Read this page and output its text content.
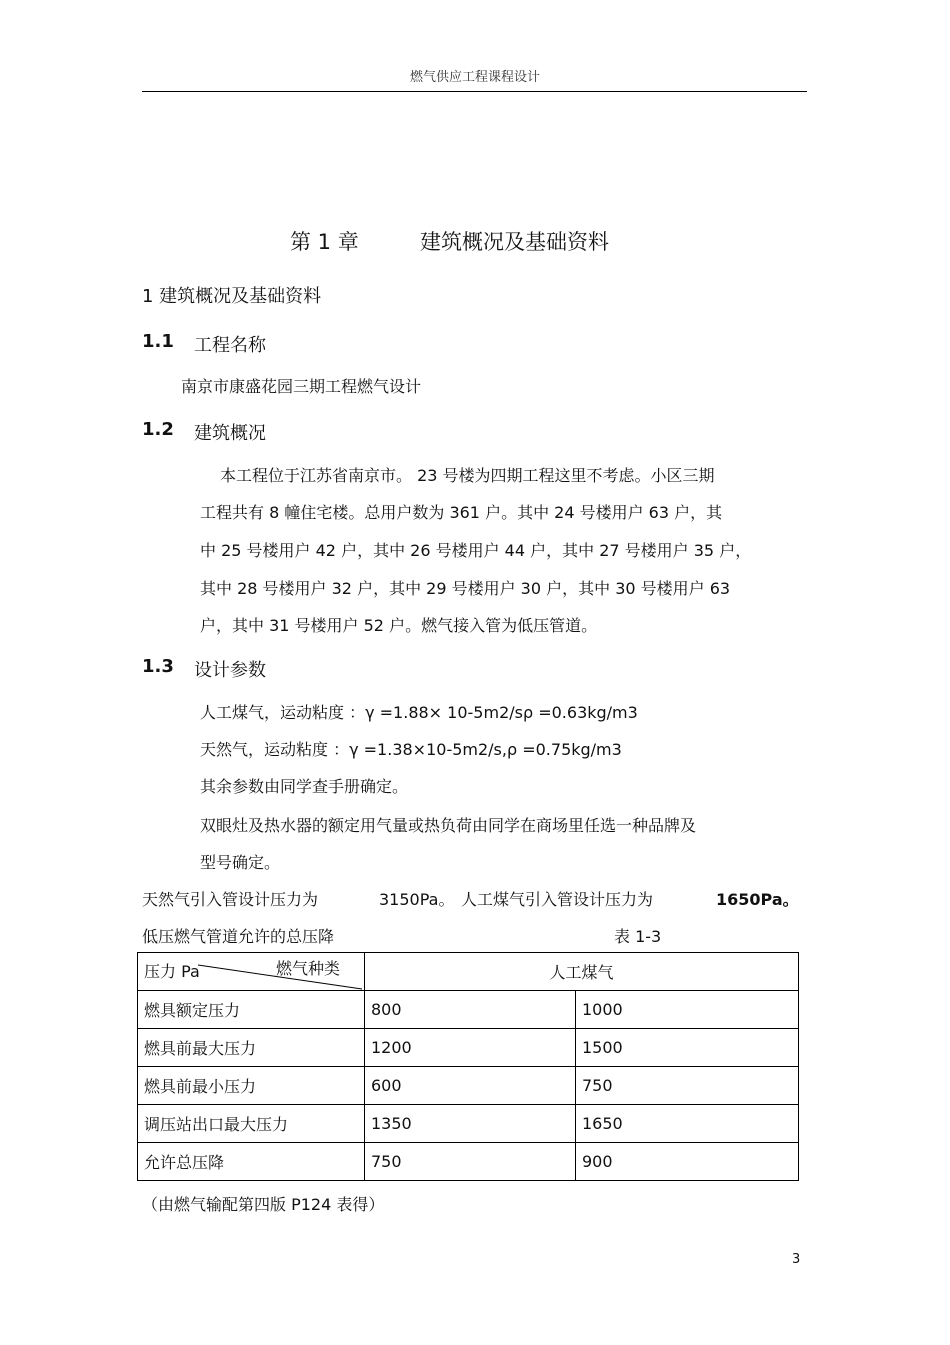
燃气供应工程课程设计
第 1 章	建筑概况及基础资料
1 建筑概况及基础资料
1.1 工程名称
南京市康盛花园三期工程燃气设计
1.2 建筑概况
本工程位于江苏省南京市。 23 号楼为四期工程这里不考虑。小区三期
工程共有 8 幢住宅楼。总用户数为 361 户。其中 24 号楼用户 63 户，其
中 25 号楼用户 42 户，其中 26 号楼用户 44 户，其中 27 号楼用户 35 户，
其中 28 号楼用户 32 户，其中 29 号楼用户 30 户，其中 30 号楼用户 63
户，其中 31 号楼用户 52 户。燃气接入管为低压管道。
1.3 设计参数
人工煤气，运动粘度 ：γ =1.88× 10-5m2/sρ =0.63kg/m3
天然气，运动粘度 ：γ =1.38×10-5m2/s,ρ =0.75kg/m3
其余参数由同学查手册确定。
双眼灶及热水器的额定用气量或热负荷由同学在商场里任选一种品牌及
型号确定。
天然气引入管设计压力为	3150Pa。 人工煤气引入管设计压力为	1650Pa。
低压燃气管道允许的总压降	表 1-3
压力 Pa 燃气种类	人工煤气	
燃具额定压力	800	1000
燃具前最大压力	1200	1500
燃具前最小压力	600	750
调压站出口最大压力	1350	1650
允许总压降	750	900
（由燃气输配第四版 P124 表得）
3
